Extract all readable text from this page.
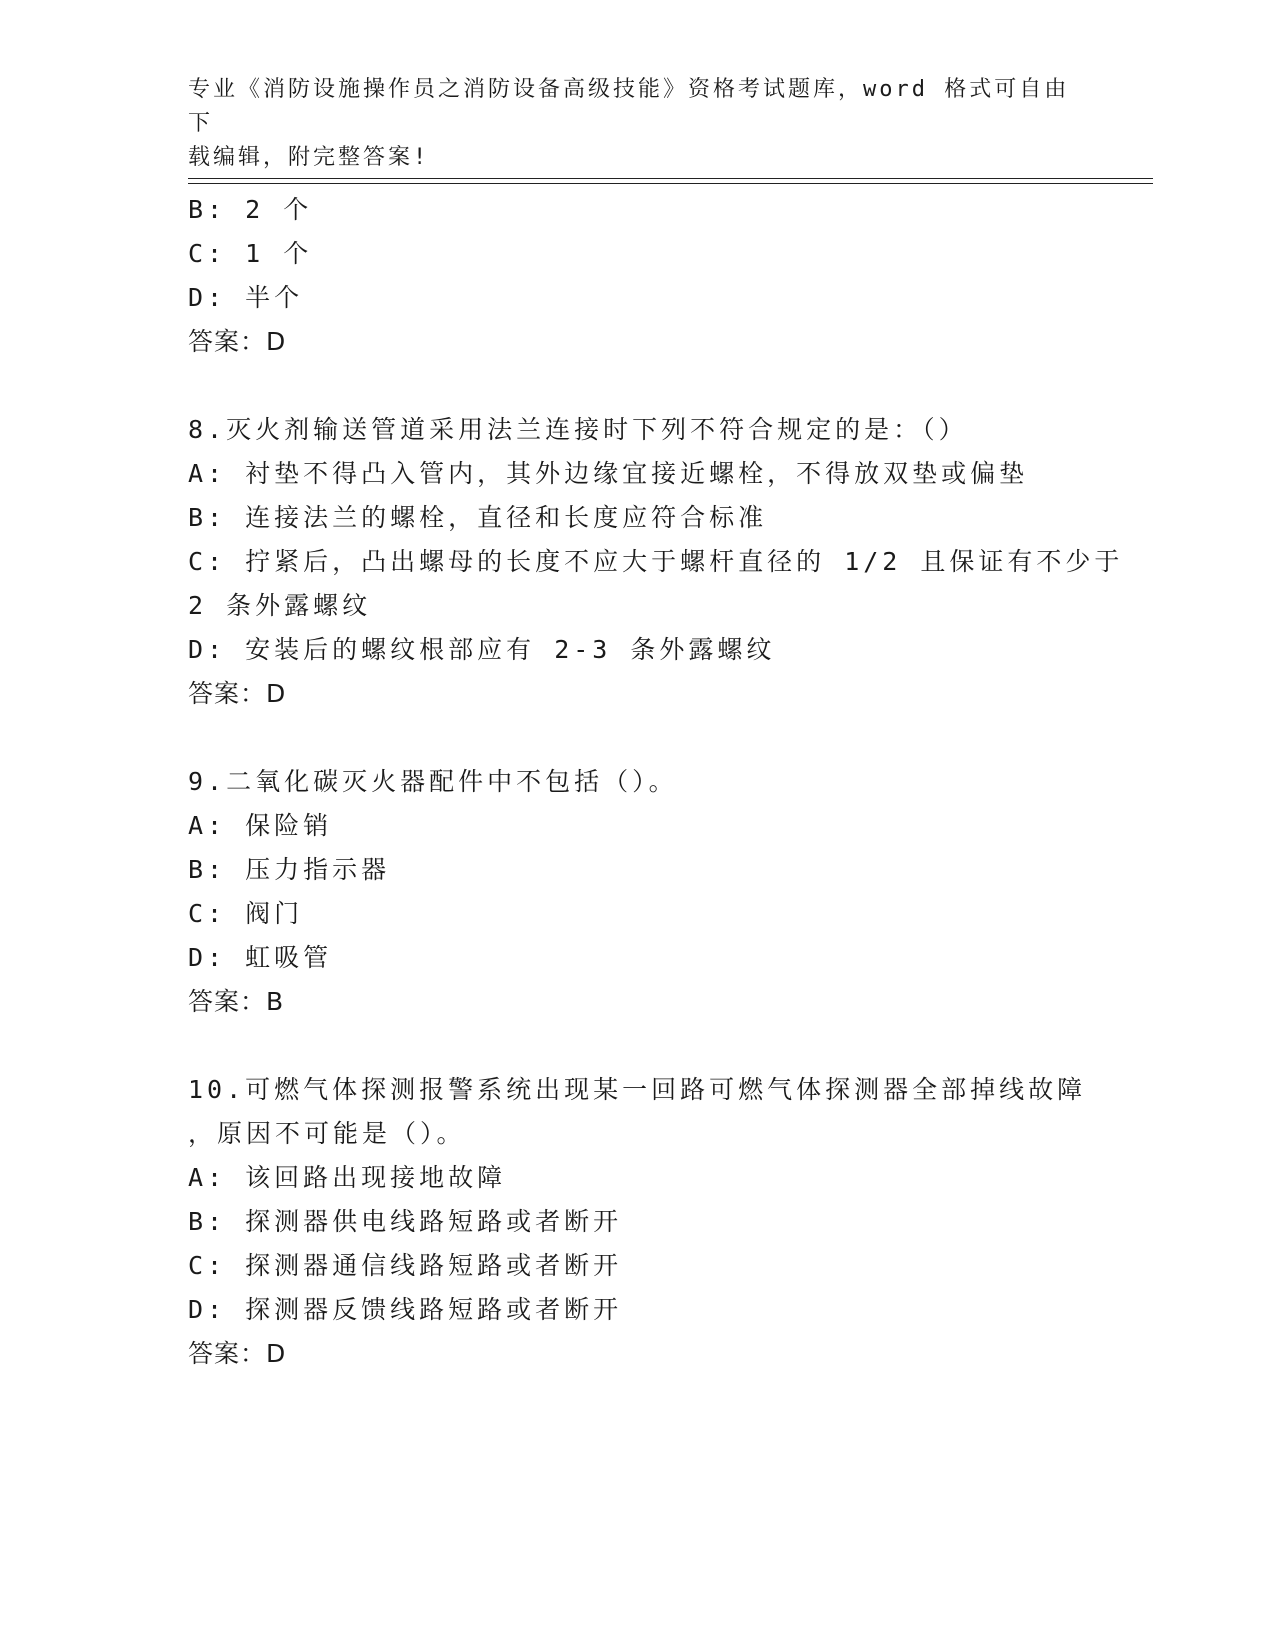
专业《消防设施操作员之消防设备高级技能》资格考试题库，word 格式可自由下
载编辑，附完整答案!
B: 2 个
C: 1 个
D: 半个
答案：D
8.灭火剂输送管道采用法兰连接时下列不符合规定的是：（）
A: 衬垫不得凸入管内，其外边缘宜接近螺栓，不得放双垫或偏垫
B: 连接法兰的螺栓，直径和长度应符合标准
C: 拧紧后，凸出螺母的长度不应大于螺杆直径的 1/2 且保证有不少于
2 条外露螺纹
D: 安装后的螺纹根部应有 2-3 条外露螺纹
答案：D
9.二氧化碳灭火器配件中不包括（）。
A: 保险销
B: 压力指示器
C: 阀门
D: 虹吸管
答案：B
10.可燃气体探测报警系统出现某一回路可燃气体探测器全部掉线故障
，原因不可能是（）。
A: 该回路出现接地故障
B: 探测器供电线路短路或者断开
C: 探测器通信线路短路或者断开
D: 探测器反馈线路短路或者断开
答案：D
